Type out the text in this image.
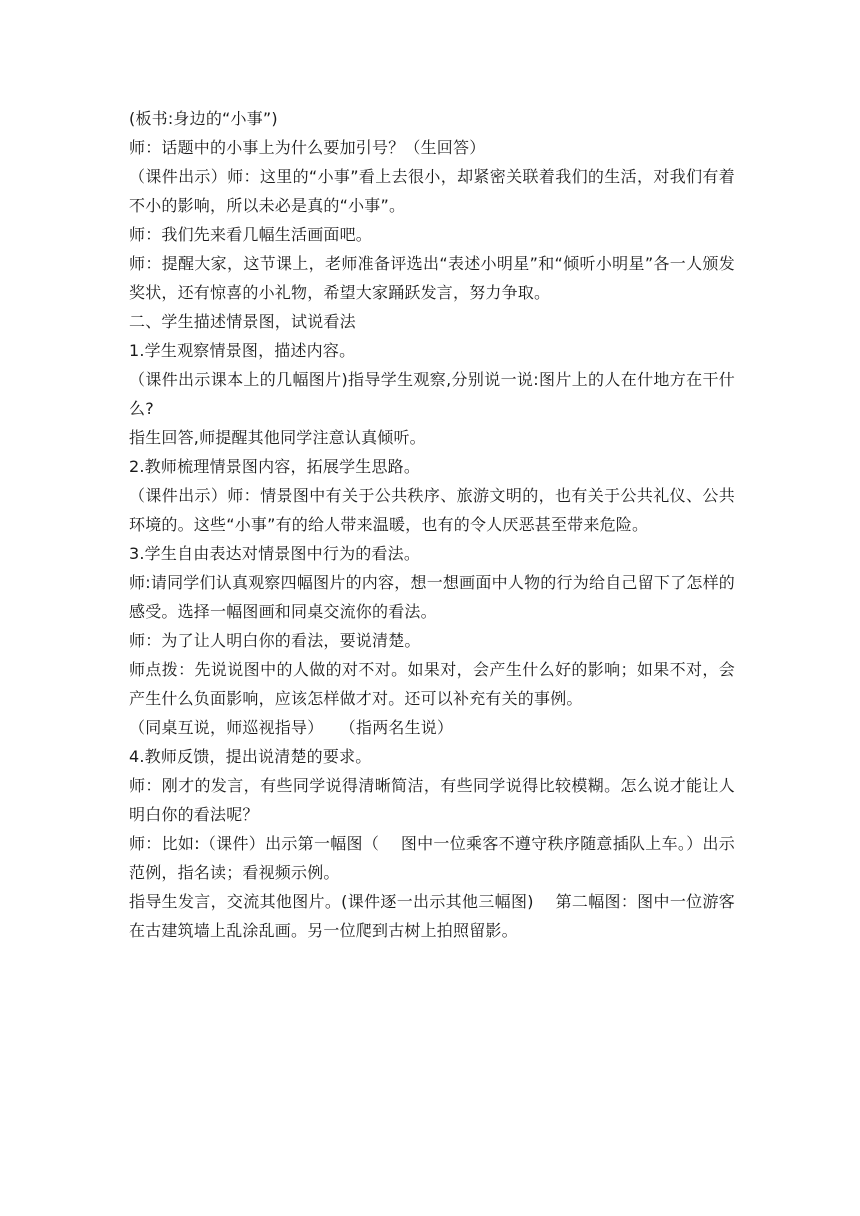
(板书:身边的“小事”)

师：话题中的小事上为什么要加引号？（生回答）

（课件出示）师：这里的“小事”看上去很小，却紧密关联着我们的生活，对我们有着不小的影响，所以未必是真的“小事”。

师：我们先来看几幅生活画面吧。

师：提醒大家，这节课上，老师准备评选出“表述小明星”和“倾听小明星”各一人颁发奖状，还有惊喜的小礼物，希望大家踊跃发言，努力争取。

二、学生描述情景图，试说看法

1.学生观察情景图，描述内容。

（课件出示课本上的几幅图片)指导学生观察,分别说一说:图片上的人在什地方在干什么?

指生回答,师提醒其他同学注意认真倾听。

2.教师梳理情景图内容，拓展学生思路。

（课件出示）师：情景图中有关于公共秩序、旅游文明的，也有关于公共礼仪、公共环境的。这些“小事”有的给人带来温暖，也有的令人厌恶甚至带来危险。

3.学生自由表达对情景图中行为的看法。

师:请同学们认真观察四幅图片的内容，想一想画面中人物的行为给自己留下了怎样的感受。选择一幅图画和同桌交流你的看法。

师：为了让人明白你的看法，要说清楚。

师点拨：先说说图中的人做的对不对。如果对，会产生什么好的影响；如果不对，会产生什么负面影响，应该怎样做才对。还可以补充有关的事例。

（同桌互说，师巡视指导）　　（指两名生说）

4.教师反馈，提出说清楚的要求。

师：刚才的发言，有些同学说得清晰简洁，有些同学说得比较模糊。怎么说才能让人明白你的看法呢？

师：比如:（课件）出示第一幅图（　 图中一位乘客不遵守秩序随意插队上车。）出示范例，指名读；看视频示例。

指导生发言，交流其他图片。(课件逐一出示其他三幅图)　 第二幅图：图中一位游客在古建筑墙上乱涂乱画。另一位爬到古树上拍照留影。
